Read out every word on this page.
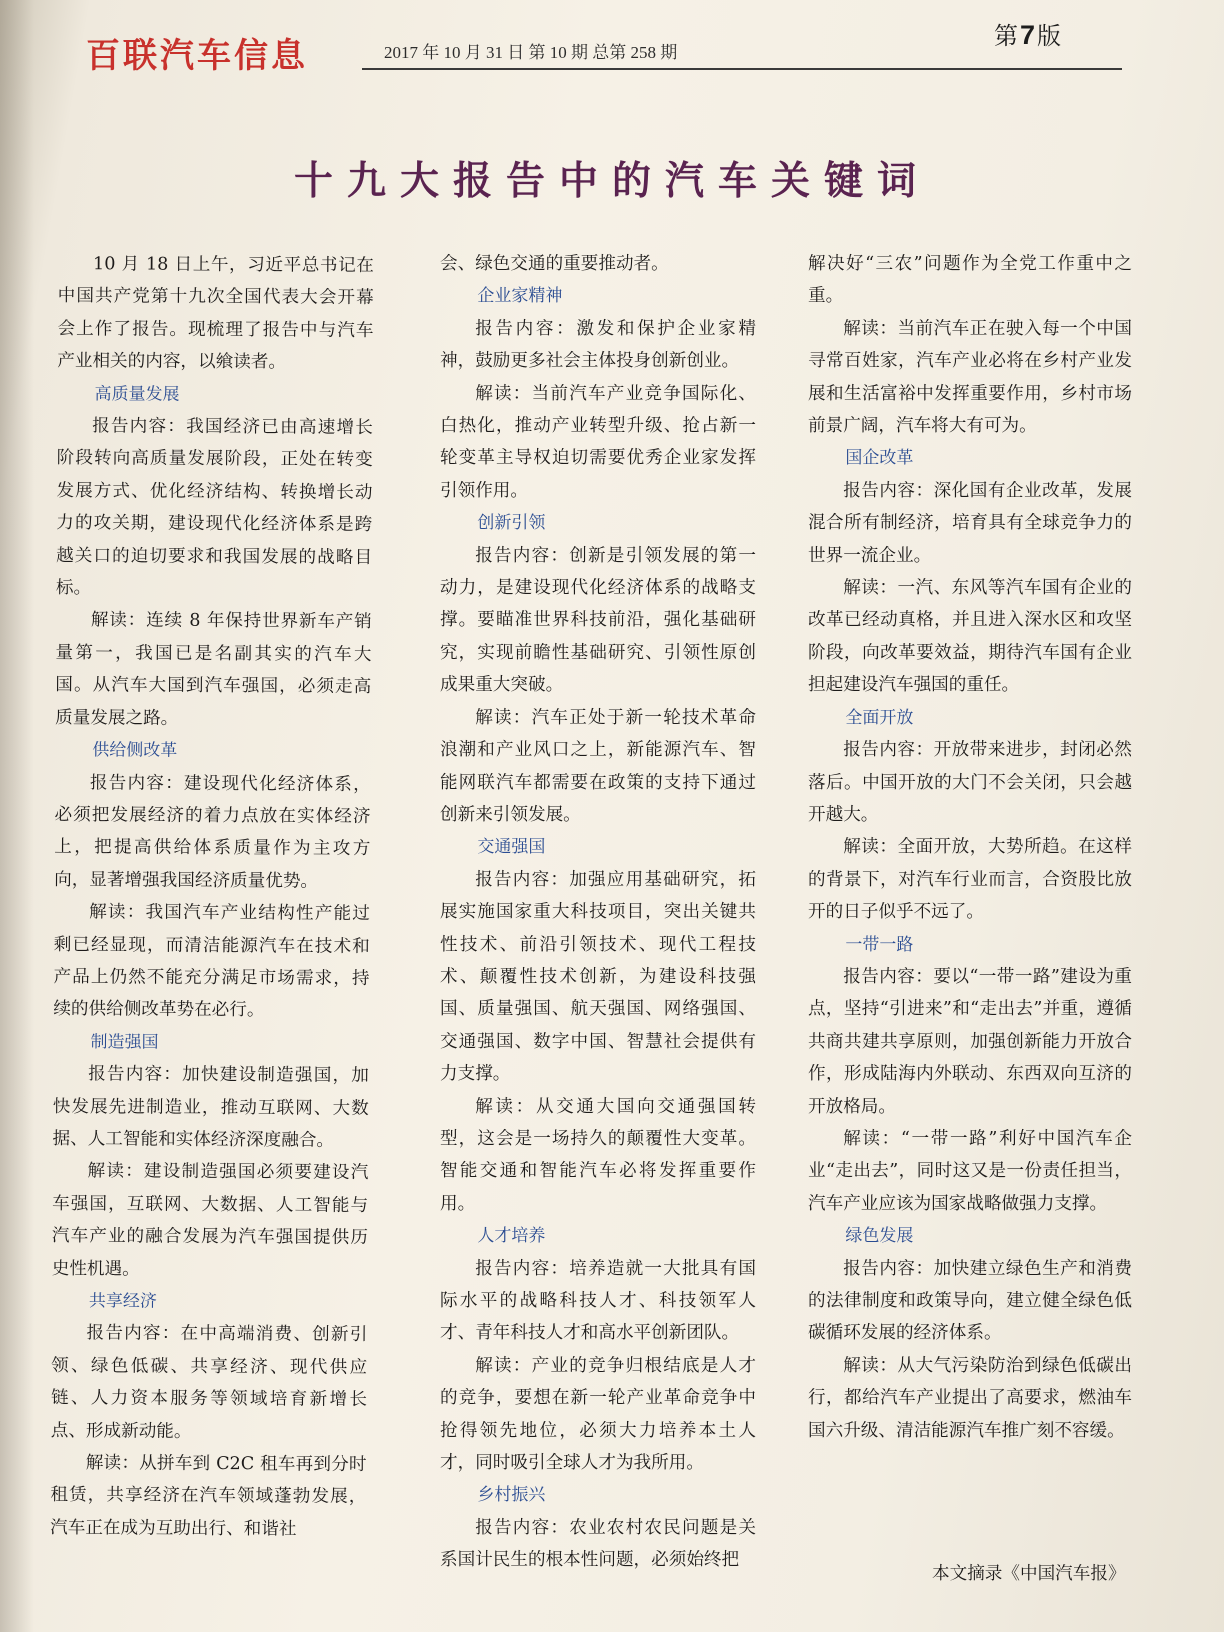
百联汽车信息	2017 年 10 月 31 日 第 10 期 总第 258 期
第7版
十九大报告中的汽车关键词
10 月 18 日上午，习近平总书记在中国共产党第十九次全国代表大会开幕会上作了报告。现梳理了报告中与汽车产业相关的内容，以飨读者。
高质量发展
报告内容：我国经济已由高速增长阶段转向高质量发展阶段，正处在转变发展方式、优化经济结构、转换增长动力的攻关期，建设现代化经济体系是跨越关口的迫切要求和我国发展的战略目标。
解读：连续 8 年保持世界新车产销量第一，我国已是名副其实的汽车大国。从汽车大国到汽车强国，必须走高质量发展之路。
供给侧改革
报告内容：建设现代化经济体系，必须把发展经济的着力点放在实体经济上，把提高供给体系质量作为主攻方向，显著增强我国经济质量优势。
解读：我国汽车产业结构性产能过剩已经显现，而清洁能源汽车在技术和产品上仍然不能充分满足市场需求，持续的供给侧改革势在必行。
制造强国
报告内容：加快建设制造强国，加快发展先进制造业，推动互联网、大数据、人工智能和实体经济深度融合。
解读：建设制造强国必须要建设汽车强国，互联网、大数据、人工智能与汽车产业的融合发展为汽车强国提供历史性机遇。
共享经济
报告内容：在中高端消费、创新引领、绿色低碳、共享经济、现代供应链、人力资本服务等领域培育新增长点、形成新动能。
解读：从拼车到 C2C 租车再到分时租赁，共享经济在汽车领域蓬勃发展，汽车正在成为互助出行、和谐社
会、绿色交通的重要推动者。
企业家精神
报告内容：激发和保护企业家精神，鼓励更多社会主体投身创新创业。
解读：当前汽车产业竞争国际化、白热化，推动产业转型升级、抢占新一轮变革主导权迫切需要优秀企业家发挥引领作用。
创新引领
报告内容：创新是引领发展的第一动力，是建设现代化经济体系的战略支撑。要瞄准世界科技前沿，强化基础研究，实现前瞻性基础研究、引领性原创成果重大突破。
解读：汽车正处于新一轮技术革命浪潮和产业风口之上，新能源汽车、智能网联汽车都需要在政策的支持下通过创新来引领发展。
交通强国
报告内容：加强应用基础研究，拓展实施国家重大科技项目，突出关键共性技术、前沿引领技术、现代工程技术、颠覆性技术创新，为建设科技强国、质量强国、航天强国、网络强国、交通强国、数字中国、智慧社会提供有力支撑。
解读：从交通大国向交通强国转型，这会是一场持久的颠覆性大变革。智能交通和智能汽车必将发挥重要作用。
人才培养
报告内容：培养造就一大批具有国际水平的战略科技人才、科技领军人才、青年科技人才和高水平创新团队。
解读：产业的竞争归根结底是人才的竞争，要想在新一轮产业革命竞争中抢得领先地位，必须大力培养本土人才，同时吸引全球人才为我所用。
乡村振兴
报告内容：农业农村农民问题是关系国计民生的根本性问题，必须始终把
解决好“三农”问题作为全党工作重中之重。
解读：当前汽车正在驶入每一个中国寻常百姓家，汽车产业必将在乡村产业发展和生活富裕中发挥重要作用，乡村市场前景广阔，汽车将大有可为。
国企改革
报告内容：深化国有企业改革，发展混合所有制经济，培育具有全球竞争力的世界一流企业。
解读：一汽、东风等汽车国有企业的改革已经动真格，并且进入深水区和攻坚阶段，向改革要效益，期待汽车国有企业担起建设汽车强国的重任。
全面开放
报告内容：开放带来进步，封闭必然落后。中国开放的大门不会关闭，只会越开越大。
解读：全面开放，大势所趋。在这样的背景下，对汽车行业而言，合资股比放开的日子似乎不远了。
一带一路
报告内容：要以“一带一路”建设为重点，坚持“引进来”和“走出去”并重，遵循共商共建共享原则，加强创新能力开放合作，形成陆海内外联动、东西双向互济的开放格局。
解读：“一带一路”利好中国汽车企业“走出去”，同时这又是一份责任担当，汽车产业应该为国家战略做强力支撑。
绿色发展
报告内容：加快建立绿色生产和消费的法律制度和政策导向，建立健全绿色低碳循环发展的经济体系。
解读：从大气污染防治到绿色低碳出行，都给汽车产业提出了高要求，燃油车国六升级、清洁能源汽车推广刻不容缓。
本文摘录《中国汽车报》
